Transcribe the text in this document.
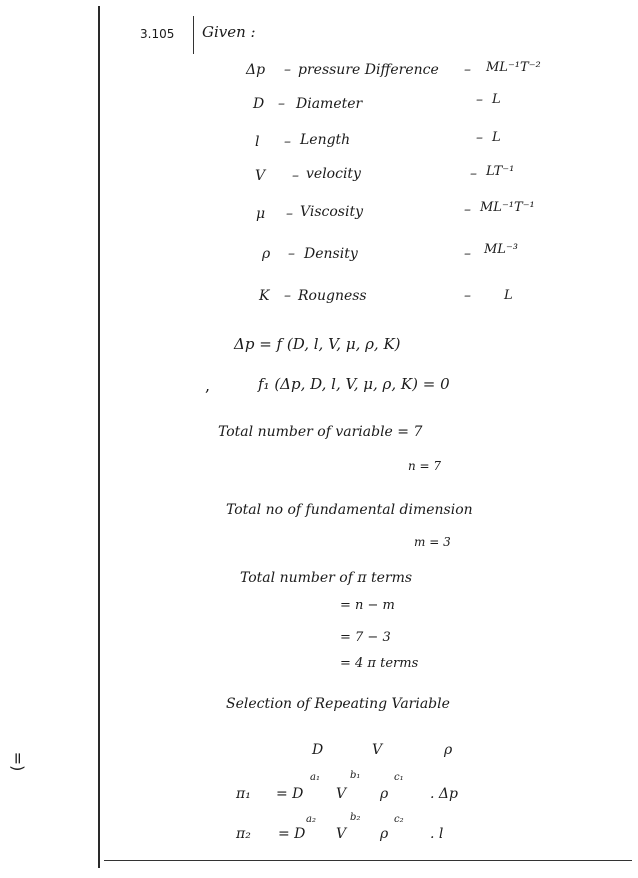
3.105 Given :
Δp – pressure Difference – ML⁻¹T⁻²
D – Diameter	– L
l – Length	– L
V – velocity	– LT⁻¹
μ – Viscosity	– ML⁻¹T⁻¹
ρ – Density	– ML⁻³
K – Rougness	–	L
Δp = f (D, l, V, μ, ρ, K)
,	f₁ (Δp, D, l, V, μ, ρ, K) = 0
Total number of variable = 7
n = 7
Total no of fundamental dimension
m = 3
Total number of π terms
= n − m
= 7 − 3
= 4 π terms
Selection of Repeating Variable
D	V	ρ
π₁ = D
a₁
V
b₁
ρ
c₁
. Δp
π₂ = D
a₂
V
b₂
ρ
c₂
. l
=)
